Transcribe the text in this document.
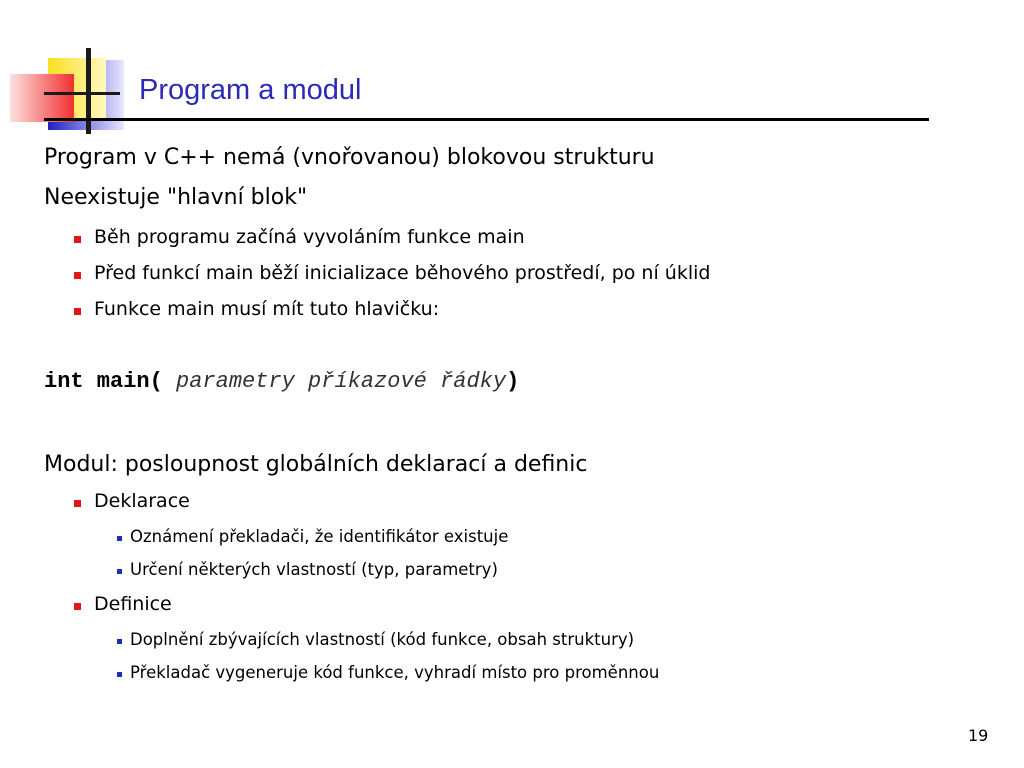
Program a modul
Program v C++ nemá (vnořovanou) blokovou strukturu
Neexistuje "hlavní blok"
Běh programu začíná vyvoláním funkce main
Před funkcí main běží inicializace běhového prostředí, po ní úklid
Funkce main musí mít tuto hlavičku:
int main( parametry příkazové řádky)
Modul: posloupnost globálních deklarací a definic
Deklarace
Oznámení překladači, že identifikátor existuje
Určení některých vlastností (typ, parametry)
Definice
Doplnění zbývajících vlastností (kód funkce, obsah struktury)
Překladač vygeneruje kód funkce, vyhradí místo pro proměnnou
19
